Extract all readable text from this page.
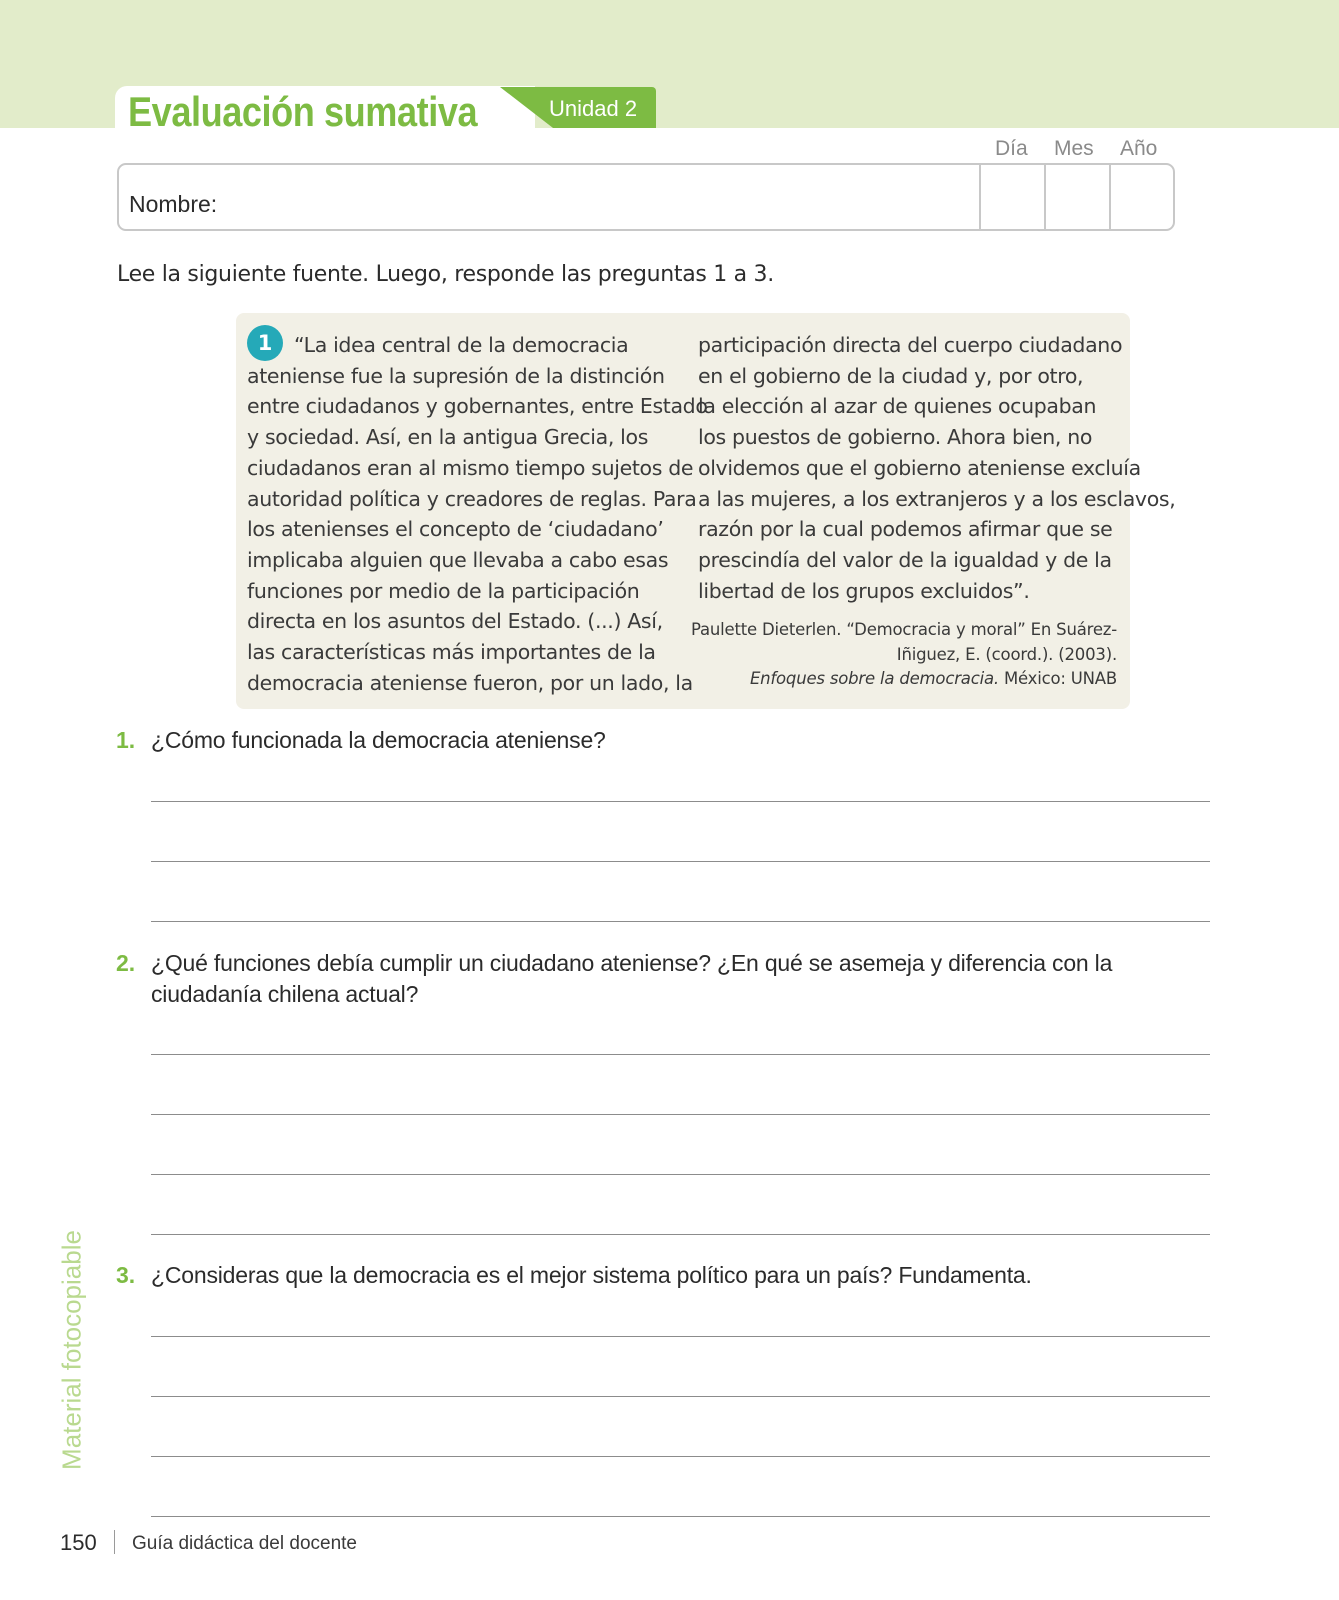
Evaluación sumativa	Unidad 2
Día Mes Año
Nombre:
Lee la siguiente fuente. Luego, responde las preguntas 1 a 3.
1	“La idea central de la democracia
ateniense fue la supresión de la distinción
entre ciudadanos y gobernantes, entre Estado
y sociedad. Así, en la antigua Grecia, los
ciudadanos eran al mismo tiempo sujetos de
autoridad política y creadores de reglas. Para
los atenienses el concepto de ‘ciudadano’
implicaba alguien que llevaba a cabo esas
funciones por medio de la participación
directa en los asuntos del Estado. (...) Así,
las características más importantes de la
democracia ateniense fueron, por un lado, la
participación directa del cuerpo ciudadano
en el gobierno de la ciudad y, por otro,
la elección al azar de quienes ocupaban
los puestos de gobierno. Ahora bien, no
olvidemos que el gobierno ateniense excluía
a las mujeres, a los extranjeros y a los esclavos,
razón por la cual podemos afirmar que se
prescindía del valor de la igualdad y de la
libertad de los grupos excluidos”.
Paulette Dieterlen. “Democracia y moral” En Suárez-
Iñiguez, E. (coord.). (2003).
Enfoques sobre la democracia. México: UNAB
1. ¿Cómo funcionada la democracia ateniense?
2. ¿Qué funciones debía cumplir un ciudadano ateniense? ¿En qué se asemeja y diferencia con la
ciudadanía chilena actual?
3. ¿Consideras que la democracia es el mejor sistema político para un país? Fundamenta.
Material fotocopiable
150 Guía didáctica del docente
